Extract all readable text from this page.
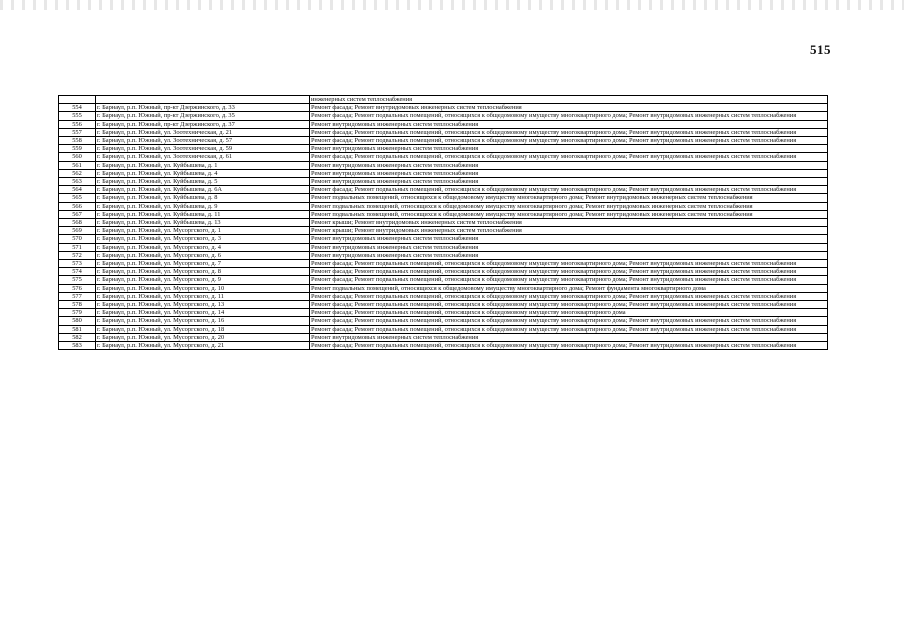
515
		инженерных систем теплоснабжения
554	г. Барнаул, р.п. Южный, пр-кт Дзержинского, д. 33	Ремонт фасада; Ремонт внутридомовых инженерных систем теплоснабжения
555	г. Барнаул, р.п. Южный, пр-кт Дзержинского, д. 35	Ремонт фасада; Ремонт подвальных помещений, относящихся к общедомовому имуществу многоквартирного дома; Ремонт внутридомовых инженерных систем теплоснабжения
556	г. Барнаул, р.п. Южный, пр-кт Дзержинского, д. 37	Ремонт внутридомовых инженерных систем теплоснабжения
557	г. Барнаул, р.п. Южный, ул. Зоотехническая, д. 21	Ремонт фасада; Ремонт подвальных помещений, относящихся к общедомовому имуществу многоквартирного дома; Ремонт внутридомовых инженерных систем теплоснабжения
558	г. Барнаул, р.п. Южный, ул. Зоотехническая, д. 57	Ремонт фасада; Ремонт подвальных помещений, относящихся к общедомовому имуществу многоквартирного дома; Ремонт внутридомовых инженерных систем теплоснабжения
559	г. Барнаул, р.п. Южный, ул. Зоотехническая, д. 59	Ремонт внутридомовых инженерных систем теплоснабжения
560	г. Барнаул, р.п. Южный, ул. Зоотехническая, д. 61	Ремонт фасада; Ремонт подвальных помещений, относящихся к общедомовому имуществу многоквартирного дома; Ремонт внутридомовых инженерных систем теплоснабжения
561	г. Барнаул, р.п. Южный, ул. Куйбышева, д. 1	Ремонт внутридомовых инженерных систем теплоснабжения
562	г. Барнаул, р.п. Южный, ул. Куйбышева, д. 4	Ремонт внутридомовых инженерных систем теплоснабжения
563	г. Барнаул, р.п. Южный, ул. Куйбышева, д. 5	Ремонт внутридомовых инженерных систем теплоснабжения
564	г. Барнаул, р.п. Южный, ул. Куйбышева, д. 6А	Ремонт фасада; Ремонт подвальных помещений, относящихся к общедомовому имуществу многоквартирного дома; Ремонт внутридомовых инженерных систем теплоснабжения
565	г. Барнаул, р.п. Южный, ул. Куйбышева, д. 8	Ремонт подвальных помещений, относящихся к общедомовому имуществу многоквартирного дома; Ремонт внутридомовых инженерных систем теплоснабжения
566	г. Барнаул, р.п. Южный, ул. Куйбышева, д. 9	Ремонт подвальных помещений, относящихся к общедомовому имуществу многоквартирного дома; Ремонт внутридомовых инженерных систем теплоснабжения
567	г. Барнаул, р.п. Южный, ул. Куйбышева, д. 11	Ремонт подвальных помещений, относящихся к общедомовому имуществу многоквартирного дома; Ремонт внутридомовых инженерных систем теплоснабжения
568	г. Барнаул, р.п. Южный, ул. Куйбышева, д. 13	Ремонт крыши; Ремонт внутридомовых инженерных систем теплоснабжения
569	г. Барнаул, р.п. Южный, ул. Мусоргского, д. 1	Ремонт крыши; Ремонт внутридомовых инженерных систем теплоснабжения
570	г. Барнаул, р.п. Южный, ул. Мусоргского, д. 3	Ремонт внутридомовых инженерных систем теплоснабжения
571	г. Барнаул, р.п. Южный, ул. Мусоргского, д. 4	Ремонт внутридомовых инженерных систем теплоснабжения
572	г. Барнаул, р.п. Южный, ул. Мусоргского, д. 6	Ремонт внутридомовых инженерных систем теплоснабжения
573	г. Барнаул, р.п. Южный, ул. Мусоргского, д. 7	Ремонт фасада; Ремонт подвальных помещений, относящихся к общедомовому имуществу многоквартирного дома; Ремонт внутридомовых инженерных систем теплоснабжения
574	г. Барнаул, р.п. Южный, ул. Мусоргского, д. 8	Ремонт фасада; Ремонт подвальных помещений, относящихся к общедомовому имуществу многоквартирного дома; Ремонт внутридомовых инженерных систем теплоснабжения
575	г. Барнаул, р.п. Южный, ул. Мусоргского, д. 9	Ремонт фасада; Ремонт подвальных помещений, относящихся к общедомовому имуществу многоквартирного дома; Ремонт внутридомовых инженерных систем теплоснабжения
576	г. Барнаул, р.п. Южный, ул. Мусоргского, д. 10	Ремонт подвальных помещений, относящихся к общедомовому имуществу многоквартирного дома; Ремонт фундамента многоквартирного дома
577	г. Барнаул, р.п. Южный, ул. Мусоргского, д. 11	Ремонт фасада; Ремонт подвальных помещений, относящихся к общедомовому имуществу многоквартирного дома; Ремонт внутридомовых инженерных систем теплоснабжения
578	г. Барнаул, р.п. Южный, ул. Мусоргского, д. 13	Ремонт фасада; Ремонт подвальных помещений, относящихся к общедомовому имуществу многоквартирного дома; Ремонт внутридомовых инженерных систем теплоснабжения
579	г. Барнаул, р.п. Южный, ул. Мусоргского, д. 14	Ремонт фасада; Ремонт подвальных помещений, относящихся к общедомовому имуществу многоквартирного дома
580	г. Барнаул, р.п. Южный, ул. Мусоргского, д. 16	Ремонт фасада; Ремонт подвальных помещений, относящихся к общедомовому имуществу многоквартирного дома; Ремонт внутридомовых инженерных систем теплоснабжения
581	г. Барнаул, р.п. Южный, ул. Мусоргского, д. 18	Ремонт фасада; Ремонт подвальных помещений, относящихся к общедомовому имуществу многоквартирного дома; Ремонт внутридомовых инженерных систем теплоснабжения
582	г. Барнаул, р.п. Южный, ул. Мусоргского, д. 20	Ремонт внутридомовых инженерных систем теплоснабжения
583	г. Барнаул, р.п. Южный, ул. Мусоргского, д. 21	Ремонт фасада; Ремонт подвальных помещений, относящихся к общедомовому имуществу многоквартирного дома; Ремонт внутридомовых инженерных систем теплоснабжения
